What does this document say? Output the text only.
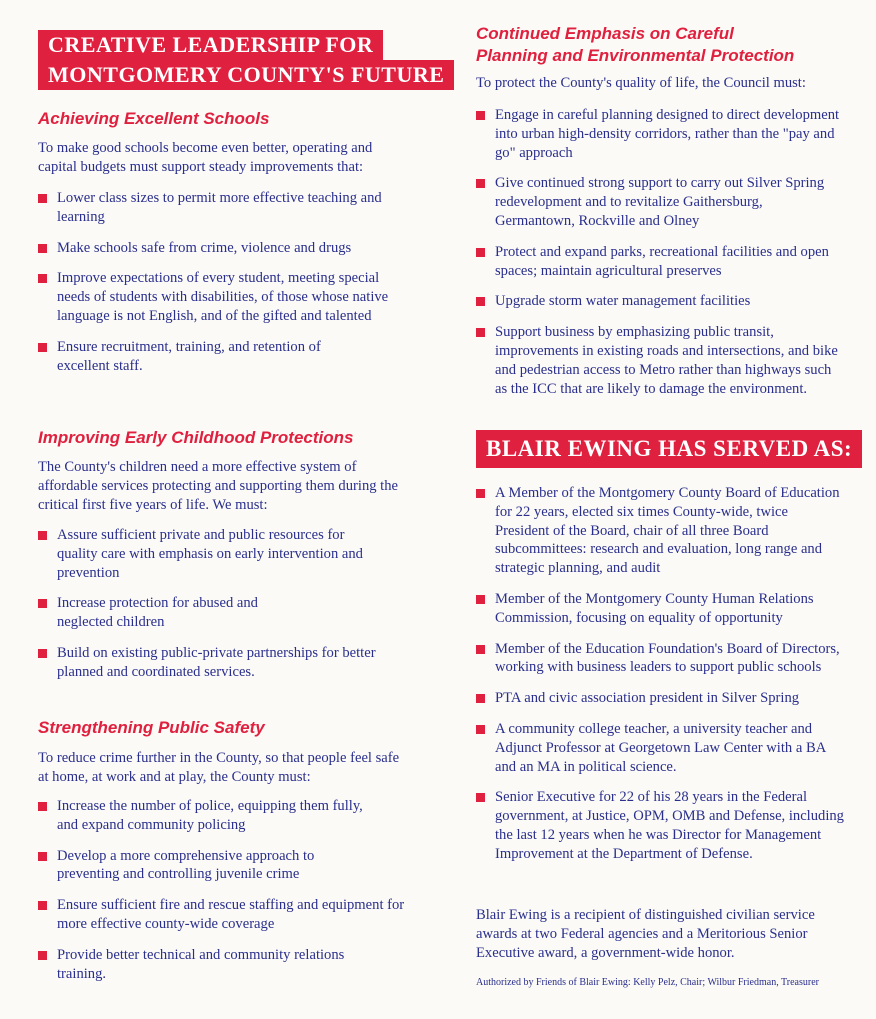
CREATIVE LEADERSHIP FOR
MONTGOMERY COUNTY'S FUTURE
Achieving Excellent Schools
To make good schools become even better, operating and capital budgets must support steady improvements that:
Lower class sizes to permit more effective teaching and learning
Make schools safe from crime, violence and drugs
Improve expectations of every student, meeting special needs of students with disabilities, of those whose native language is not English, and of the gifted and talented
Ensure recruitment, training, and retention of excellent staff.
Improving Early Childhood Protections
The County's children need a more effective system of affordable services protecting and supporting them during the critical first five years of life. We must:
Assure sufficient private and public resources for quality care with emphasis on early intervention and prevention
Increase protection for abused and neglected children
Build on existing public-private partnerships for better planned and coordinated services.
Strengthening Public Safety
To reduce crime further in the County, so that people feel safe at home, at work and at play, the County must:
Increase the number of police, equipping them fully, and expand community policing
Develop a more comprehensive approach to preventing and controlling juvenile crime
Ensure sufficient fire and rescue staffing and equipment for more effective county-wide coverage
Provide better technical and community relations training.
Continued Emphasis on Careful
Planning and Environmental Protection
To protect the County's quality of life, the Council must:
Engage in careful planning designed to direct development into urban high-density corridors, rather than the "pay and go" approach
Give continued strong support to carry out Silver Spring redevelopment and to revitalize Gaithersburg, Germantown, Rockville and Olney
Protect and expand parks, recreational facilities and open spaces; maintain agricultural preserves
Upgrade storm water management facilities
Support business by emphasizing public transit, improvements in existing roads and intersections, and bike and pedestrian access to Metro rather than highways such as the ICC that are likely to damage the environment.
BLAIR EWING HAS SERVED AS:
A Member of the Montgomery County Board of Education for 22 years, elected six times County-wide, twice President of the Board, chair of all three Board subcommittees: research and evaluation, long range and strategic planning, and audit
Member of the Montgomery County Human Relations Commission, focusing on equality of opportunity
Member of the Education Foundation's Board of Directors, working with business leaders to support public schools
PTA and civic association president in Silver Spring
A community college teacher, a university teacher and Adjunct Professor at Georgetown Law Center with a BA and an MA in political science.
Senior Executive for 22 of his 28 years in the Federal government, at Justice, OPM, OMB and Defense, including the last 12 years when he was Director for Management Improvement at the Department of Defense.
Blair Ewing is a recipient of distinguished civilian service awards at two Federal agencies and a Meritorious Senior Executive award, a government-wide honor.
Authorized by Friends of Blair Ewing: Kelly Pelz, Chair; Wilbur Friedman, Treasurer
